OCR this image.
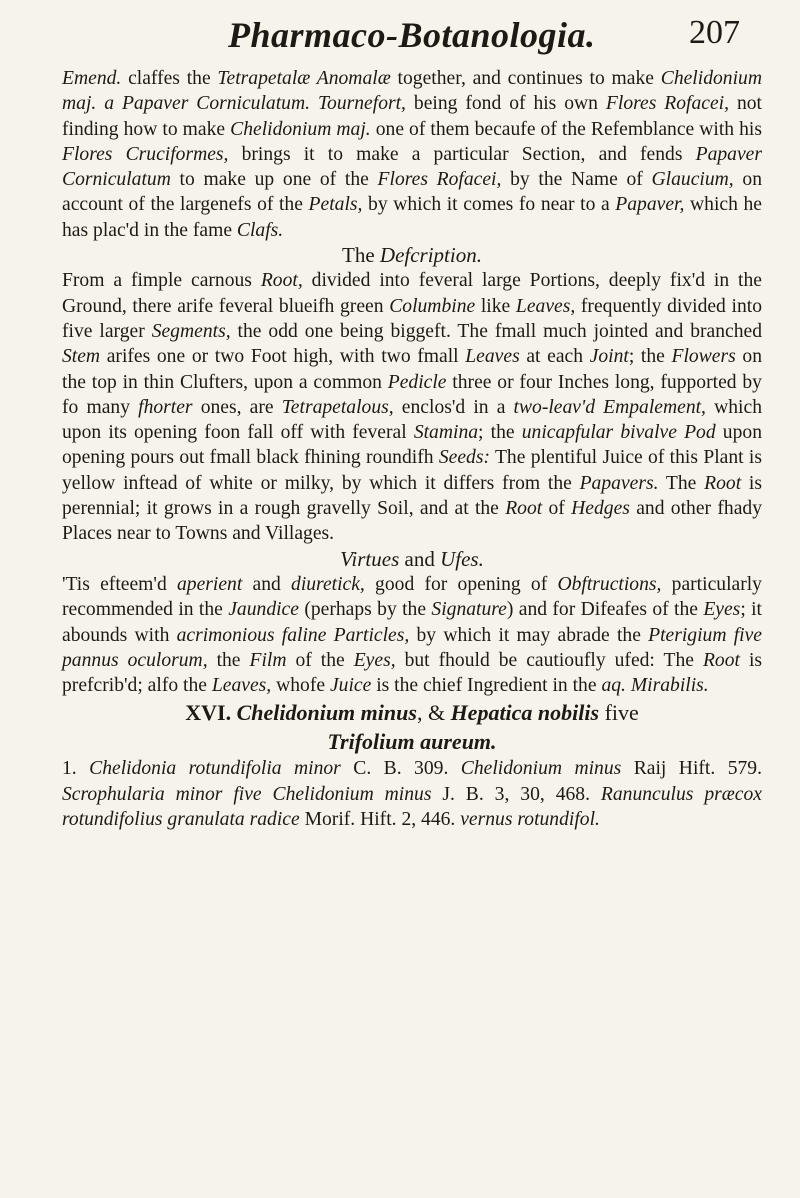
Pharmaco-Botanologia.	207

Emend. claffes the Tetrapetalæ Anomalæ together, and continues to make Chelidonium maj. a Papaver Corniculatum. Tournefort, being fond of his own Flores Rofacei, not finding how to make Chelidonium maj. one of them becaufe of the Refemblance with his Flores Cruciformes, brings it to make a particular Section, and fends Papaver Corniculatum to make up one of the Flores Rofacei, by the Name of Glaucium, on account of the largenefs of the Petals, by which it comes fo near to a Papaver, which he has plac'd in the fame Clafs.

The Defcription.

From a fimple carnous Root, divided into feveral large Portions, deeply fix'd in the Ground, there arife feveral blueifh green Columbine like Leaves, frequently divided into five larger Segments, the odd one being biggeft. The fmall much jointed and branched Stem arifes one or two Foot high, with two fmall Leaves at each Joint; the Flowers on the top in thin Clufters, upon a common Pedicle three or four Inches long, fupported by fo many fhorter ones, are Tetrapetalous, enclos'd in a two-leav'd Empalement, which upon its opening foon fall off with feveral Stamina; the unicapfular bivalve Pod upon opening pours out fmall black fhining roundifh Seeds: The plentiful Juice of this Plant is yellow inftead of white or milky, by which it differs from the Papavers. The Root is perennial; it grows in a rough gravelly Soil, and at the Root of Hedges and other fhady Places near to Towns and Villages.

Virtues and Ufes.

'Tis efteem'd aperient and diuretick, good for opening of Obftructions, particularly recommended in the Jaundice (perhaps by the Signature) and for Difeafes of the Eyes; it abounds with acrimonious faline Particles, by which it may abrade the Pterigium five pannus oculorum, the Film of the Eyes, but fhould be cautioufly ufed: The Root is prefcrib'd; alfo the Leaves, whofe Juice is the chief Ingredient in the aq. Mirabilis.

XVI. Chelidonium minus, & Hepatica nobilis five
Trifolium aureum.

1. Chelidonia rotundifolia minor C. B. 309. Chelidonium minus Raij Hift. 579. Scrophularia minor five Chelidonium minus J. B. 3, 30, 468. Ranunculus præcox rotundifolius granulata radice Morif. Hift. 2, 446. vernus rotundifol.
